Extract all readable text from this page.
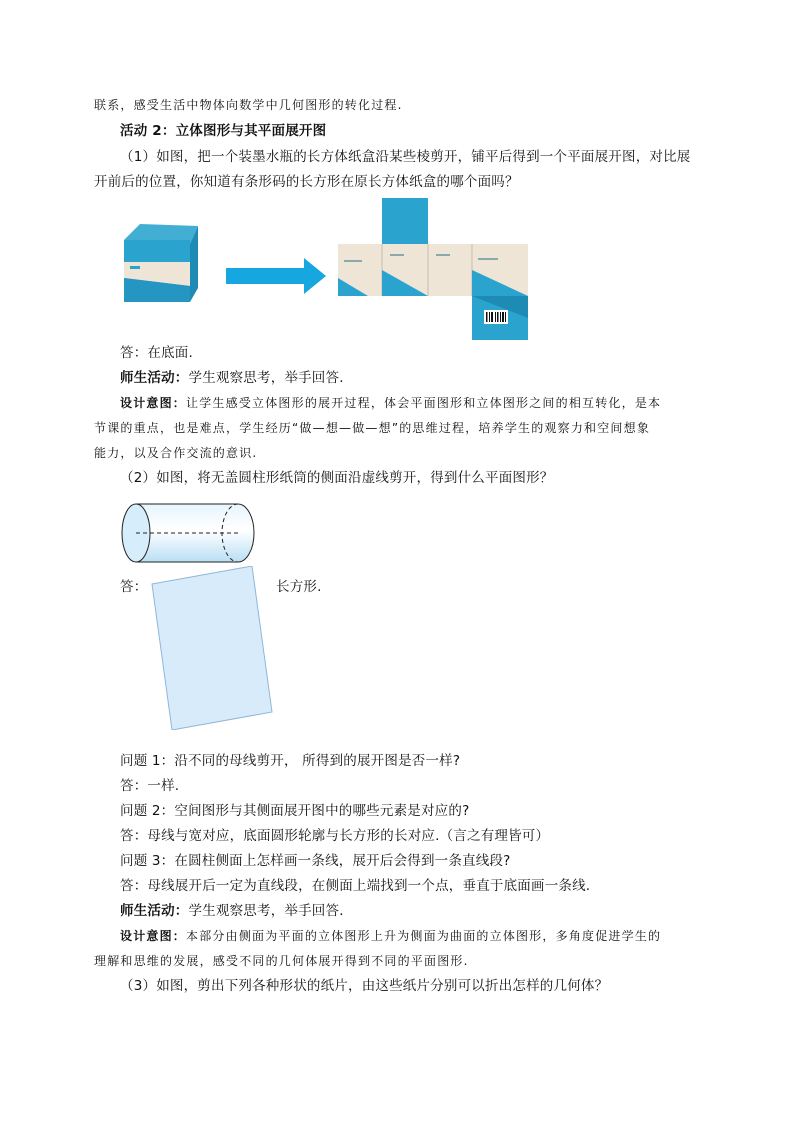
联系，感受生活中物体向数学中几何图形的转化过程.
活动 2：立体图形与其平面展开图
（1）如图，把一个装墨水瓶的长方体纸盒沿某些棱剪开，铺平后得到一个平面展开图，对比展
开前后的位置，你知道有条形码的长方形在原长方体纸盒的哪个面吗？
答：在底面.
师生活动：学生观察思考，举手回答.
设计意图：让学生感受立体图形的展开过程，体会平面图形和立体图形之间的相互转化，是本
节课的重点，也是难点，学生经历“做—想—做—想”的思维过程，培养学生的观察力和空间想象
能力，以及合作交流的意识.
（2）如图，将无盖圆柱形纸筒的侧面沿虚线剪开，得到什么平面图形？
答：	长方形.
问题 1：沿不同的母线剪开， 所得到的展开图是否一样?
答：一样.
问题 2：空间图形与其侧面展开图中的哪些元素是对应的?
答：母线与宽对应，底面圆形轮廓与长方形的长对应.（言之有理皆可）
问题 3：在圆柱侧面上怎样画一条线，展开后会得到一条直线段?
答：母线展开后一定为直线段，在侧面上端找到一个点，垂直于底面画一条线.
师生活动：学生观察思考，举手回答.
设计意图：本部分由侧面为平面的立体图形上升为侧面为曲面的立体图形，多角度促进学生的
理解和思维的发展，感受不同的几何体展开得到不同的平面图形.
（3）如图，剪出下列各种形状的纸片，由这些纸片分别可以折出怎样的几何体？
